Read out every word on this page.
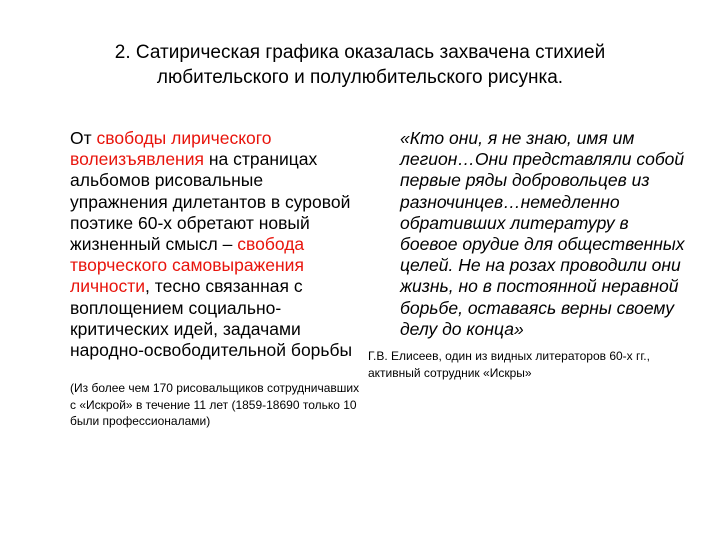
2. Сатирическая графика оказалась захвачена стихией
любительского и полулюбительского рисунка.
От свободы лирического волеизъявления на страницах альбомов рисовальные упражнения дилетантов в суровой поэтике 60-х обретают новый жизненный смысл – свобода творческого самовыражения личности, тесно связанная с воплощением социально-критических идей, задачами народно-освободительной борьбы
(Из более чем 170 рисовальщиков сотрудничавших с «Искрой» в течение 11 лет (1859-18690 только 10 были профессионалами)
«Кто они, я не знаю, имя им легион…Они представляли собой первые ряды добровольцев из разночинцев…немедленно обративших литературу в боевое орудие для общественных целей. Не на розах проводили они жизнь, но в постоянной неравной борьбе, оставаясь верны своему делу до конца»
Г.В. Елисеев, один из видных литераторов 60-х гг., активный сотрудник «Искры»
